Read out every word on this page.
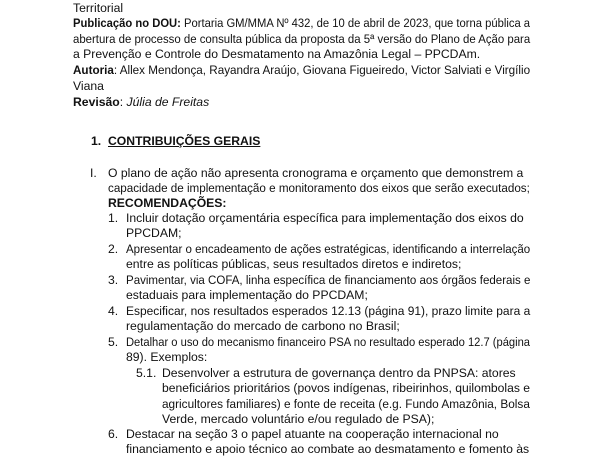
Territorial
Publicação no DOU: Portaria GM/MMA Nº 432, de 10 de abril de 2023, que torna pública a
abertura de processo de consulta pública da proposta da 5ª versão do Plano de Ação para
a Prevenção e Controle do Desmatamento na Amazônia Legal – PPCDAm.
Autoria: Allex Mendonça, Rayandra Araújo, Giovana Figueiredo, Victor Salviati e Virgílio
Viana
Revisão: Júlia de Freitas
1. CONTRIBUIÇÕES GERAIS
I. O plano de ação não apresenta cronograma e orçamento que demonstrem a
capacidade de implementação e monitoramento dos eixos que serão executados;
RECOMENDAÇÕES:
1. Incluir dotação orçamentária específica para implementação dos eixos do
PPCDAM;
2. Apresentar o encadeamento de ações estratégicas, identificando a interrelação
entre as políticas públicas, seus resultados diretos e indiretos;
3. Pavimentar, via COFA, linha específica de financiamento aos órgãos federais e
estaduais para implementação do PPCDAM;
4. Especificar, nos resultados esperados 12.13 (página 91), prazo limite para a
regulamentação do mercado de carbono no Brasil;
5. Detalhar o uso do mecanismo financeiro PSA no resultado esperado 12.7 (página
89). Exemplos:
5.1. Desenvolver a estrutura de governança dentro da PNPSA: atores
beneficiários prioritários (povos indígenas, ribeirinhos, quilombolas e
agricultores familiares) e fonte de receita (e.g. Fundo Amazônia, Bolsa
Verde, mercado voluntário e/ou regulado de PSA);
6. Destacar na seção 3 o papel atuante na cooperação internacional no
financiamento e apoio técnico ao combate ao desmatamento e fomento às
